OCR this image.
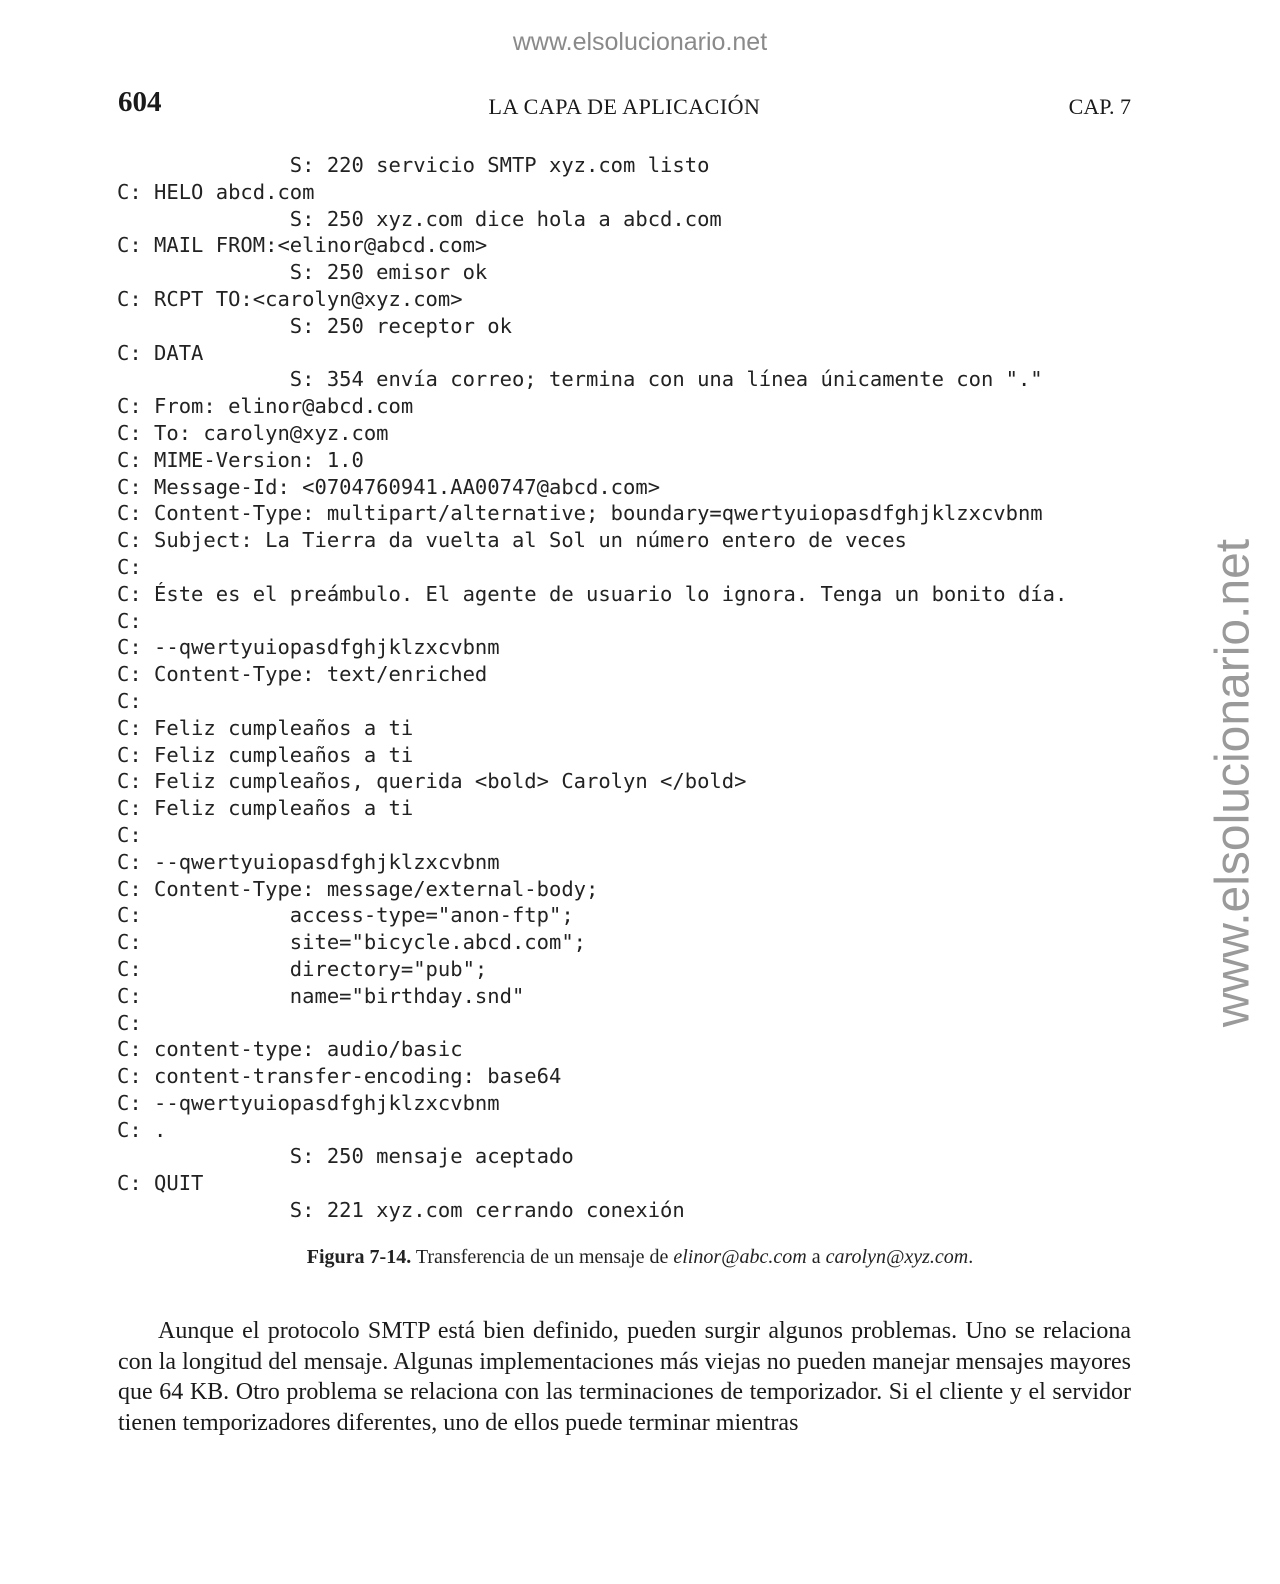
www.elsolucionario.net
www.elsolucionario.net
604	LA CAPA DE APLICACIÓN	CAP. 7
S: 220 servicio SMTP xyz.com listo
C: HELO abcd.com
S: 250 xyz.com dice hola a abcd.com
C: MAIL FROM:<elinor@abcd.com>
S: 250 emisor ok
C: RCPT TO:<carolyn@xyz.com>
S: 250 receptor ok
C: DATA
S: 354 envía correo; termina con una línea únicamente con "."
C: From: elinor@abcd.com
C: To: carolyn@xyz.com
C: MIME-Version: 1.0
C: Message-Id: <0704760941.AA00747@abcd.com>
C: Content-Type: multipart/alternative; boundary=qwertyuiopasdfghjklzxcvbnm
C: Subject: La Tierra da vuelta al Sol un número entero de veces
C:
C: Éste es el preámbulo. El agente de usuario lo ignora. Tenga un bonito día.
C:
C: --qwertyuiopasdfghjklzxcvbnm
C: Content-Type: text/enriched
C:
C: Feliz cumpleaños a ti
C: Feliz cumpleaños a ti
C: Feliz cumpleaños, querida <bold> Carolyn </bold>
C: Feliz cumpleaños a ti
C:
C: --qwertyuiopasdfghjklzxcvbnm
C: Content-Type: message/external-body;
C:            access-type="anon-ftp";
C:            site="bicycle.abcd.com";
C:            directory="pub";
C:            name="birthday.snd"
C:
C: content-type: audio/basic
C: content-transfer-encoding: base64
C: --qwertyuiopasdfghjklzxcvbnm
C: .
S: 250 mensaje aceptado
C: QUIT
S: 221 xyz.com cerrando conexión
Figura 7-14. Transferencia de un mensaje de elinor@abc.com a carolyn@xyz.com.
Aunque el protocolo SMTP está bien definido, pueden surgir algunos problemas. Uno se relaciona con la longitud del mensaje. Algunas implementaciones más viejas no pueden manejar mensajes mayores que 64 KB. Otro problema se relaciona con las terminaciones de temporizador. Si el cliente y el servidor tienen temporizadores diferentes, uno de ellos puede terminar mientras
